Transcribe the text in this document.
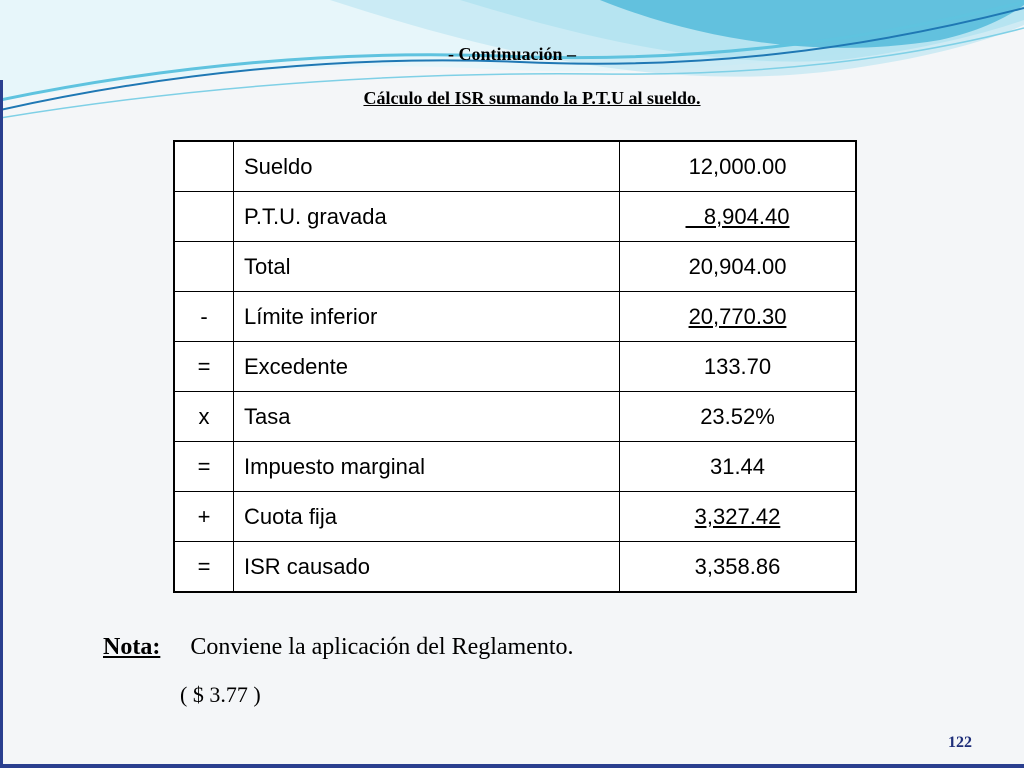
- Continuación –
Cálculo del ISR sumando la P.T.U al sueldo.
	Sueldo	12,000.00
	P.T.U. gravada	8,904.40
	Total	20,904.00
-	Límite inferior	20,770.30
=	Excedente	133.70
x	Tasa	23.52%
=	Impuesto marginal	31.44
+	Cuota fija	3,327.42
=	ISR causado	3,358.86
Nota: Conviene la aplicación del Reglamento.
( $ 3.77 )
122
